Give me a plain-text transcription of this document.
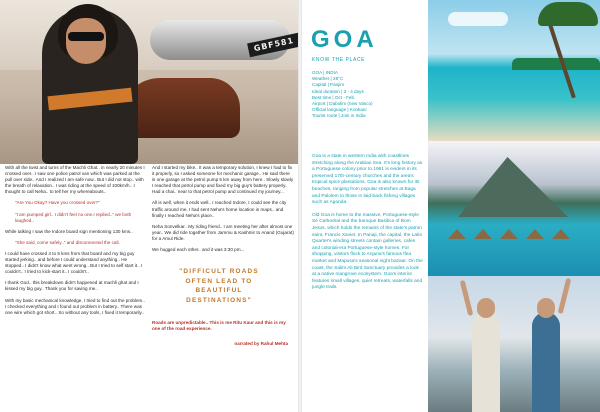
GBF581

With all the twist and turns of the Machli Ghat.. in nearly 20 minutes I crossed over.. I saw one police patrol van which was parked at the pull over side.. And I realized I am safe now.. But I did not stop.. with the breath of relaxation.. I was riding at the speed of 100km/h.. I thought to call Neha.. to tell her my whereabouts..

"Are You Okay? Have you crossed over?"

"I am pumped girl.. I didn't feel no one.I replied.." we both laughed..

While talking I saw the Indore board sign mentioning 130 kms..

"She said, come safely.." and disconnected the call.

I could have crossed 4 to 5 kms from that board and my big guy started jerking.. and before I could understand anything.. He stopped.. I didn't know what went wrong.. But I tried to self start it.. I couldn't.. I tried to kick-start it.. I couldn't..

I thank God.. this breakdown didn't happened at machli ghat and I kissed my big guy.. Thank you for saving me..

With my basic mechanical knowledge, I tried to find out the problem.. I checked everything and I found out problem in battery.. There was one wire which got short.. So without any tools, I fixed it temporarily..

And I started my bike.. It was a temporary solution, I knew I had to fix it properly, so I asked someone for mechanic garage.. He said there is one garage at the petrol pump 5 km away from here.. Slowly slowly I reached that petrol pump and fixed my big guy's battery properly.. Had a chai.. near to that petrol pump and continued my journey...

All is well, when it ends well.. I reached Indore, I could see the city traffic around me, I had sent Neha's home location in maps.. and finally I reached Neha's place..

Neha Sonvelkar.. My riding friend.. I am meeting her after almost one year.. We did ride together from Jammu & Kashmir to Anand (Gujarat) for a Amul Ride.

We hugged each other.. and it was 3:30 pm...

"DIFFICULT ROADS OFTEN LEAD TO BEAUTIFUL DESTINATIONS"

Roads are unpredictable.. This is me Ritu Kaur and this is my one of the road experience.

narrated by Rahul Mehta

GOA
KNOW THE PLACE
GOA | INDIA
Weather | 28°C
Capital | Panjim
Ideal duration | 3 - 4 days
Best time | Oct - Feb
Airport | Dabolim (new Vasco)
Official language | Konkani
Tourist route | Join in India

Goa is a state in western India with coastlines stretching along the Arabian Sea. It's long history as a Portuguese colony prior to 1961 is evident in its preserved 17th-century churches and the area's tropical spice plantations. Goa is also known for its beaches, ranging from popular stretches at Baga and Palolem to those in laid-back fishing villages such as Agonda.

Old Goa is home to the massive, Portuguese-style Sé Cathedral and the baroque Basilica of Bom Jesus, which holds the remains of the state's patron saint, Francis Xavier. In Panaji, the capital, the Latin Quarter's winding streets contain galleries, cafes and colonial-era Portuguese-style homes. For shopping, visitors flock to Anjuna's famous flea market and Mapusa's seasonal night bazaar. On the coast, the Salim Ali Bird Sanctuary provides a look at a native mangrove ecosystem. Goa's interior features small villages, quiet retreats, waterfalls and jungle trails.
